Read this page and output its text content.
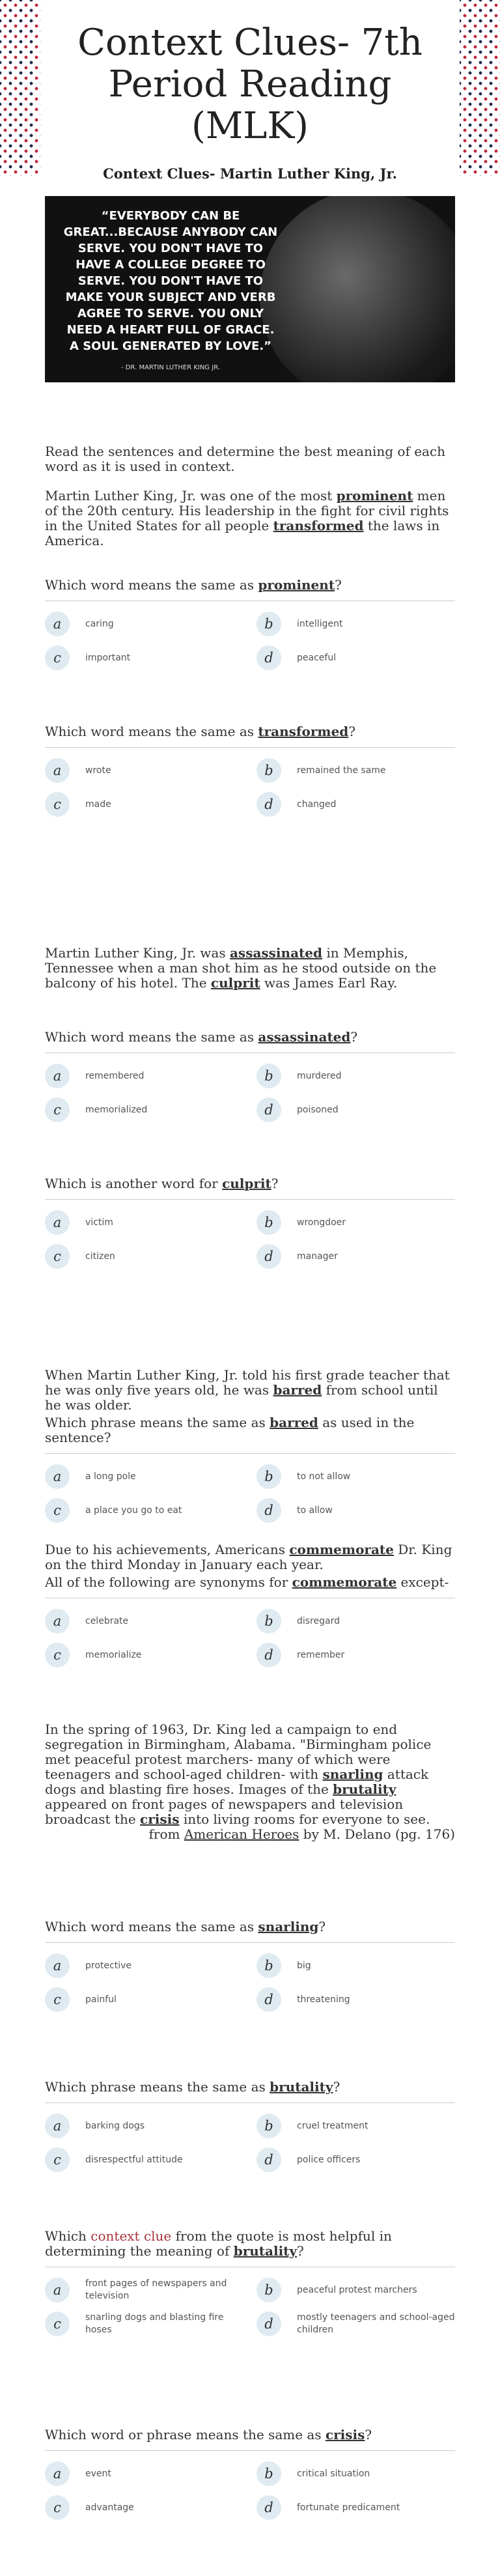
Context Clues- 7th Period Reading (MLK)
Context Clues- Martin Luther King, Jr.
“EVERYBODY CAN BE GREAT...BECAUSE ANYBODY CAN SERVE. YOU DON'T HAVE TO HAVE A COLLEGE DEGREE TO SERVE. YOU DON'T HAVE TO MAKE YOUR SUBJECT AND VERB AGREE TO SERVE. YOU ONLY NEED A HEART FULL OF GRACE. A SOUL GENERATED BY LOVE.”
- DR. MARTIN LUTHER KING JR.

Read the sentences and determine the best meaning of each word as it is used in context.

Martin Luther King, Jr. was one of the most prominent men of the 20th century. His leadership in the fight for civil rights in the United States for all people transformed the laws in America.

Which word means the same as prominent?

a	caring	b	intelligent
c	important	d	peaceful

Which word means the same as transformed?

a	wrote	b	remained the same
c	made	d	changed

Martin Luther King, Jr. was assassinated in Memphis, Tennessee when a man shot him as he stood outside on the balcony of his hotel. The culprit was James Earl Ray.

Which word means the same as assassinated?

a	remembered	b	murdered
c	memorialized	d	poisoned

Which is another word for culprit?

a	victim	b	wrongdoer
c	citizen	d	manager

When Martin Luther King, Jr. told his first grade teacher that he was only five years old, he was barred from school until he was older.

Which phrase means the same as barred as used in the sentence?

a	a long pole	b	to not allow
c	a place you go to eat	d	to allow

Due to his achievements, Americans commemorate Dr. King on the third Monday in January each year.

All of the following are synonyms for commemorate except-

a	celebrate	b	disregard
c	memorialize	d	remember

In the spring of 1963, Dr. King led a campaign to end segregation in Birmingham, Alabama. "Birmingham police met peaceful protest marchers- many of which were teenagers and school-aged children- with snarling attack dogs and blasting fire hoses. Images of the brutality appeared on front pages of newspapers and television broadcast the crisis into living rooms for everyone to see.

from American Heroes by M. Delano (pg. 176)

Which word means the same as snarling?

a	protective	b	big
c	painful	d	threatening

Which phrase means the same as brutality?

a	barking dogs	b	cruel treatment
c	disrespectful attitude	d	police officers

Which context clue from the quote is most helpful in determining the meaning of brutality?

a	front pages of newspapers and television	b	peaceful protest marchers
c	snarling dogs and blasting fire hoses	d	mostly teenagers and school-aged children

Which word or phrase means the same as crisis?

a	event	b	critical situation
c	advantage	d	fortunate predicament
